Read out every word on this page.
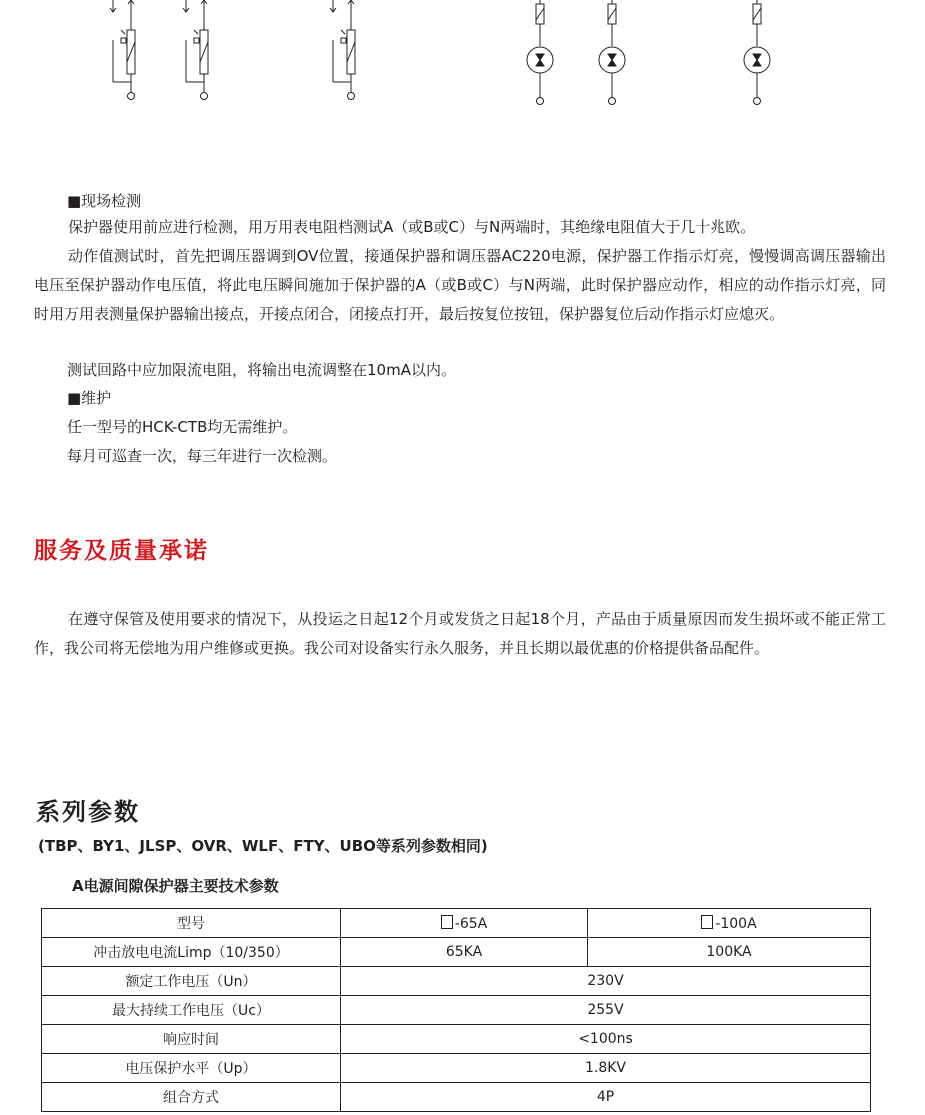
■现场检测

保护器使用前应进行检测，用万用表电阻档测试A（或B或C）与N两端时，其绝缘电阻值大于几十兆欧。

动作值测试时，首先把调压器调到OV位置，接通保护器和调压器AC220电源，保护器工作指示灯亮，慢慢调高调压器输出电压至保护器动作电压值，将此电压瞬间施加于保护器的A（或B或C）与N两端，此时保护器应动作，相应的动作指示灯亮，同时用万用表测量保护器输出接点，开接点闭合，闭接点打开，最后按复位按钮，保护器复位后动作指示灯应熄灭。

测试回路中应加限流电阻，将输出电流调整在10mA以内。
■维护
任一型号的HCK-CTB均无需维护。
每月可巡查一次，每三年进行一次检测。
服务及质量承诺

在遵守保管及使用要求的情况下，从投运之日起12个月或发货之日起18个月，产品由于质量原因而发生损坏或不能正常工作，我公司将无偿地为用户维修或更换。我公司对设备实行永久服务，并且长期以最优惠的价格提供备品配件。

系列参数
(TBP、BY1、JLSP、OVR、WLF、FTY、UBO等系列参数相同)
A电源间隙保护器主要技术参数
型号	-65A	-100A
冲击放电电流Limp（10/350）	65KA	100KA
额定工作电压（Un）	230V	
最大持续工作电压（Uc）	255V	
响应时间	<100ns	
电压保护水平（Up）	1.8KV	
组合方式	4P	
